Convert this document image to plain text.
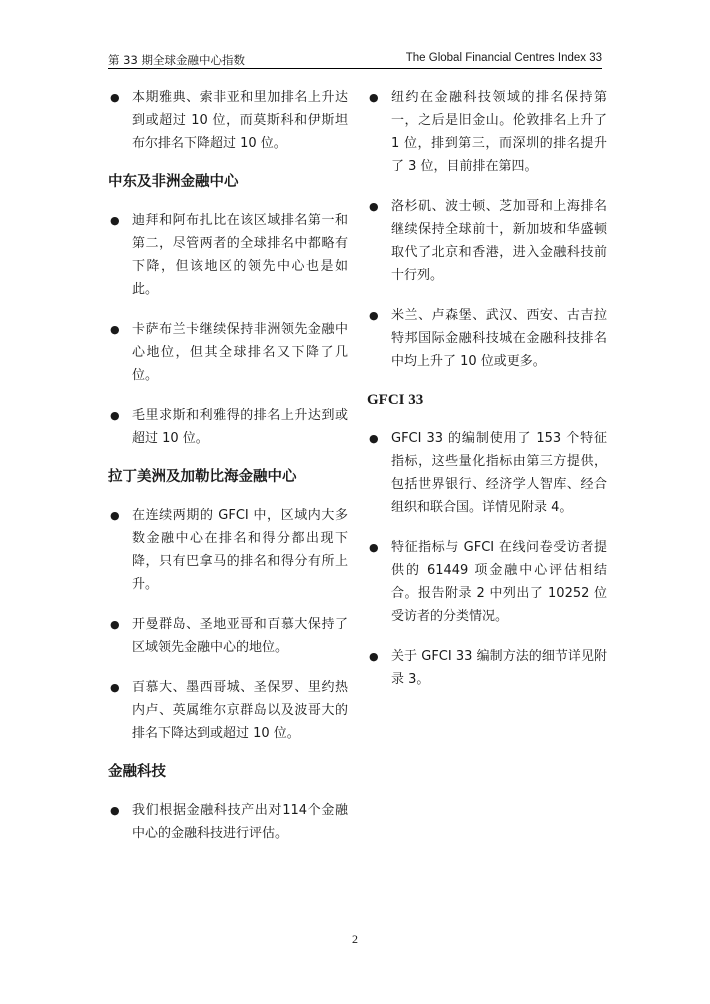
第 33 期全球金融中心指数	The Global Financial Centres Index 33
● 本期雅典、索非亚和里加排名上升达到或超过 10 位，而莫斯科和伊斯坦布尔排名下降超过 10 位。
中东及非洲金融中心
● 迪拜和阿布扎比在该区域排名第一和第二，尽管两者的全球排名中都略有下降，但该地区的领先中心也是如此。
● 卡萨布兰卡继续保持非洲领先金融中心地位，但其全球排名又下降了几位。
● 毛里求斯和利雅得的排名上升达到或超过 10 位。
拉丁美洲及加勒比海金融中心
● 在连续两期的 GFCI 中，区域内大多数金融中心在排名和得分都出现下降，只有巴拿马的排名和得分有所上升。
● 开曼群岛、圣地亚哥和百慕大保持了区域领先金融中心的地位。
● 百慕大、墨西哥城、圣保罗、里约热内卢、英属维尔京群岛以及波哥大的排名下降达到或超过 10 位。
金融科技
● 我们根据金融科技产出对114个金融中心的金融科技进行评估。
● 纽约在金融科技领域的排名保持第一，之后是旧金山。伦敦排名上升了 1 位，排到第三，而深圳的排名提升了 3 位，目前排在第四。
● 洛杉矶、波士顿、芝加哥和上海排名继续保持全球前十，新加坡和华盛顿取代了北京和香港，进入金融科技前十行列。
● 米兰、卢森堡、武汉、西安、古吉拉特邦国际金融科技城在金融科技排名中均上升了 10 位或更多。
GFCI 33
● GFCI 33 的编制使用了 153 个特征指标，这些量化指标由第三方提供，包括世界银行、经济学人智库、经合组织和联合国。详情见附录 4。
● 特征指标与 GFCI 在线问卷受访者提供的 61449 项金融中心评估相结合。报告附录 2 中列出了 10252 位受访者的分类情况。
● 关于 GFCI 33 编制方法的细节详见附录 3。
2
